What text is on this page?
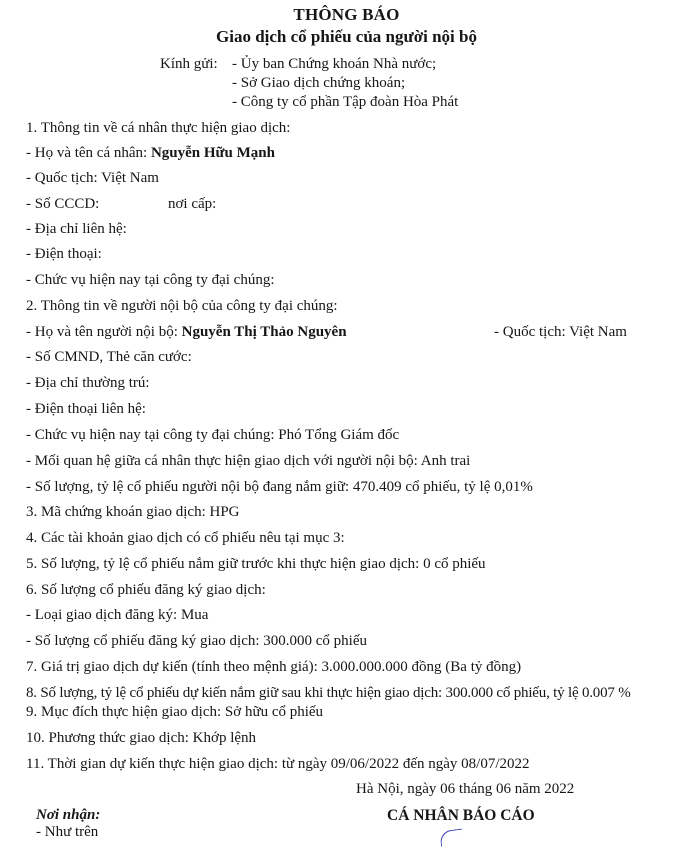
THÔNG BÁO
Giao dịch cổ phiếu của người nội bộ
Kính gửi: - Ủy ban Chứng khoán Nhà nước;
- Sở Giao dịch chứng khoán;
- Công ty cổ phần Tập đoàn Hòa Phát
1. Thông tin về cá nhân thực hiện giao dịch:
- Họ và tên cá nhân: Nguyễn Hữu Mạnh
- Quốc tịch: Việt Nam
- Số CCCD:	nơi cấp:
- Địa chỉ liên hệ:
- Điện thoại:
- Chức vụ hiện nay tại công ty đại chúng:
2. Thông tin về người nội bộ của công ty đại chúng:
- Họ và tên người nội bộ: Nguyễn Thị Thảo Nguyên	- Quốc tịch: Việt Nam
- Số CMND, Thẻ căn cước:
- Địa chỉ thường trú:
- Điện thoại liên hệ:
- Chức vụ hiện nay tại công ty đại chúng: Phó Tổng Giám đốc
- Mối quan hệ giữa cá nhân thực hiện giao dịch với người nội bộ: Anh trai
- Số lượng, tỷ lệ cổ phiếu người nội bộ đang nắm giữ: 470.409 cổ phiếu, tỷ lệ 0,01%
3. Mã chứng khoán giao dịch: HPG
4. Các tài khoản giao dịch có cổ phiếu nêu tại mục 3:
5. Số lượng, tỷ lệ cổ phiếu nắm giữ trước khi thực hiện giao dịch: 0 cổ phiếu
6. Số lượng cổ phiếu đăng ký giao dịch:
- Loại giao dịch đăng ký: Mua
- Số lượng cổ phiếu đăng ký giao dịch: 300.000 cổ phiếu
7. Giá trị giao dịch dự kiến (tính theo mệnh giá): 3.000.000.000 đồng (Ba tỷ đồng)
8. Số lượng, tỷ lệ cổ phiếu dự kiến nắm giữ sau khi thực hiện giao dịch: 300.000 cổ phiếu, tỷ lệ 0.007 %
9. Mục đích thực hiện giao dịch: Sở hữu cổ phiếu
10. Phương thức giao dịch: Khớp lệnh
11. Thời gian dự kiến thực hiện giao dịch: từ ngày 09/06/2022 đến ngày 08/07/2022
Hà Nội, ngày 06 tháng 06 năm 2022
Nơi nhận:
- Như trên
CÁ NHÂN BÁO CÁO
